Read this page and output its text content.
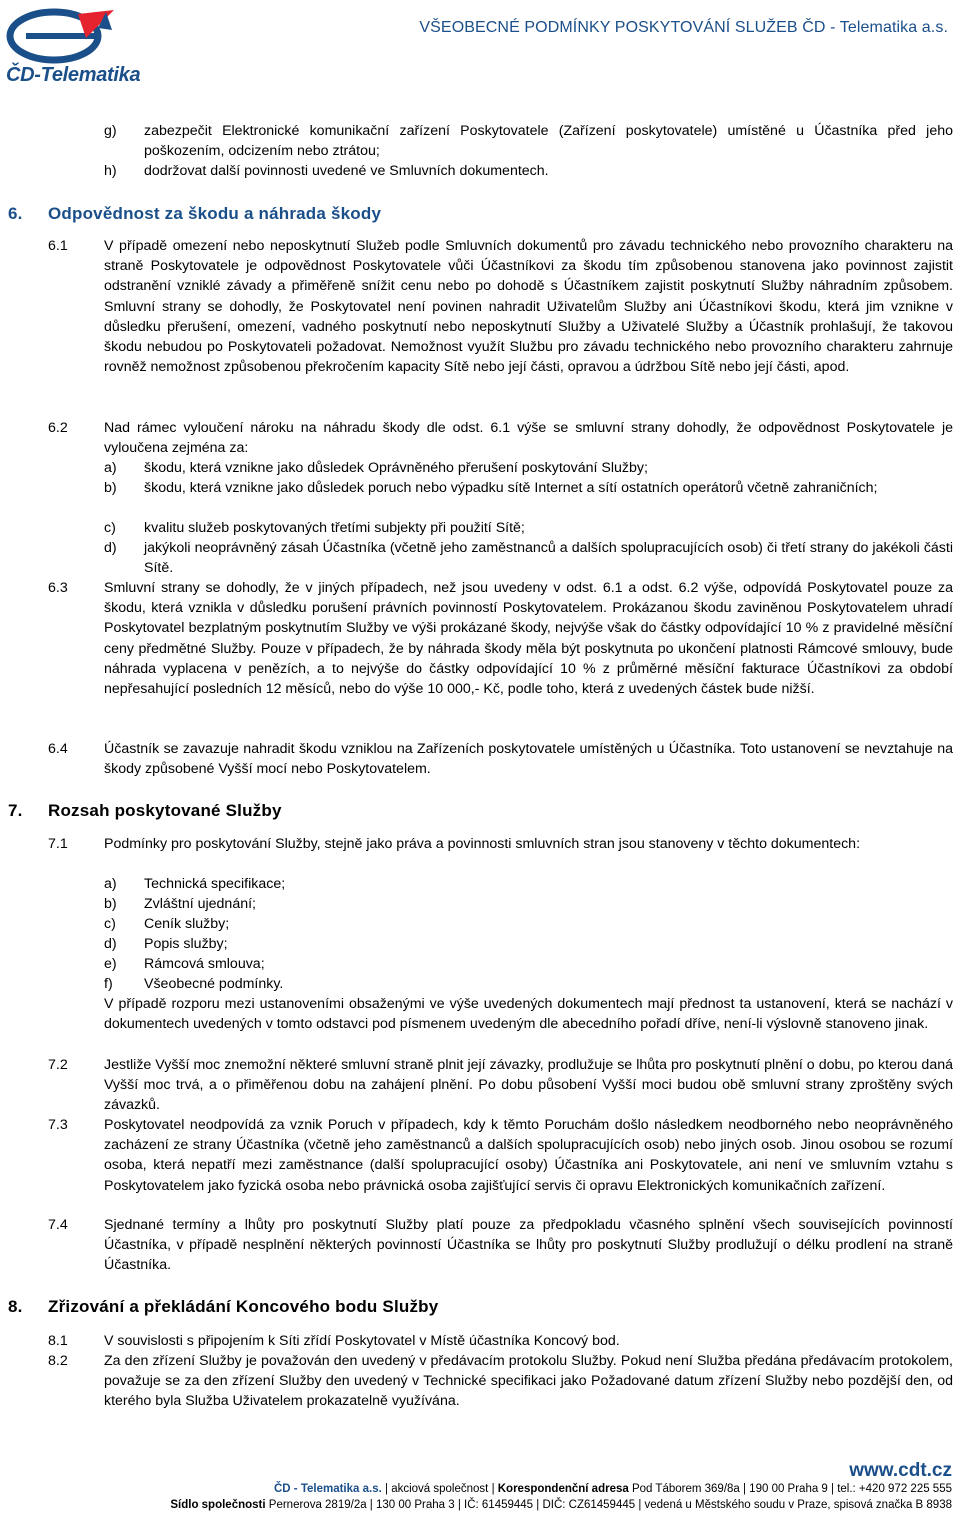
ČD-Telematika
VŠEOBECNÉ PODMÍNKY POSKYTOVÁNÍ SLUŽEB ČD - Telematika a.s.
g) zabezpečit Elektronické komunikační zařízení Poskytovatele (Zařízení poskytovatele) umístěné u Účastníka před jeho poškozením, odcizením nebo ztrátou;
h) dodržovat další povinnosti uvedené ve Smluvních dokumentech.
6. Odpovědnost za škodu a náhrada škody
6.1	V případě omezení nebo neposkytnutí Služeb podle Smluvních dokumentů pro závadu technického nebo provozního charakteru na straně Poskytovatele je odpovědnost Poskytovatele vůči Účastníkovi za škodu tím způsobenou stanovena jako povinnost zajistit odstranění vzniklé závady a přiměřeně snížit cenu nebo po dohodě s Účastníkem zajistit poskytnutí Služby náhradním způsobem. Smluvní strany se dohodly, že Poskytovatel není povinen nahradit Uživatelům Služby ani Účastníkovi škodu, která jim vznikne v důsledku přerušení, omezení, vadného poskytnutí nebo neposkytnutí Služby a Uživatelé Služby a Účastník prohlašují, že takovou škodu nebudou po Poskytovateli požadovat. Nemožnost využít Službu pro závadu technického nebo provozního charakteru zahrnuje rovněž nemožnost způsobenou překročením kapacity Sítě nebo její části, opravou a údržbou Sítě nebo její části, apod.
6.2	Nad rámec vyloučení nároku na náhradu škody dle odst. 6.1 výše se smluvní strany dohodly, že odpovědnost Poskytovatele je vyloučena zejména za:
a) škodu, která vznikne jako důsledek Oprávněného přerušení poskytování Služby;
b) škodu, která vznikne jako důsledek poruch nebo výpadku sítě Internet a sítí ostatních operátorů včetně zahraničních;
c) kvalitu služeb poskytovaných třetími subjekty při použití Sítě;
d) jakýkoli neoprávněný zásah Účastníka (včetně jeho zaměstnanců a dalších spolupracujících osob) či třetí strany do jakékoli části Sítě.
6.3	Smluvní strany se dohodly, že v jiných případech, než jsou uvedeny v odst. 6.1 a odst. 6.2 výše, odpovídá Poskytovatel pouze za škodu, která vznikla v důsledku porušení právních povinností Poskytovatelem. Prokázanou škodu zaviněnou Poskytovatelem uhradí Poskytovatel bezplatným poskytnutím Služby ve výši prokázané škody, nejvýše však do částky odpovídající 10 % z pravidelné měsíční ceny předmětné Služby. Pouze v případech, že by náhrada škody měla být poskytnuta po ukončení platnosti Rámcové smlouvy, bude náhrada vyplacena v penězích, a to nejvýše do částky odpovídající 10 % z průměrné měsíční fakturace Účastníkovi za období nepřesahující posledních 12 měsíců, nebo do výše 10 000,- Kč, podle toho, která z uvedených částek bude nižší.
6.4	Účastník se zavazuje nahradit škodu vzniklou na Zařízeních poskytovatele umístěných u Účastníka. Toto ustanovení se nevztahuje na škody způsobené Vyšší mocí nebo Poskytovatelem.
7. Rozsah poskytované Služby
7.1	Podmínky pro poskytování Služby, stejně jako práva a povinnosti smluvních stran jsou stanoveny v těchto dokumentech:
a) Technická specifikace;
b) Zvláštní ujednání;
c) Ceník služby;
d) Popis služby;
e) Rámcová smlouva;
f) Všeobecné podmínky.
V případě rozporu mezi ustanoveními obsaženými ve výše uvedených dokumentech mají přednost ta ustanovení, která se nachází v dokumentech uvedených v tomto odstavci pod písmenem uvedeným dle abecedního pořadí dříve, není-li výslovně stanoveno jinak.
7.2	Jestliže Vyšší moc znemožní některé smluvní straně plnit její závazky, prodlužuje se lhůta pro poskytnutí plnění o dobu, po kterou daná Vyšší moc trvá, a o přiměřenou dobu na zahájení plnění. Po dobu působení Vyšší moci budou obě smluvní strany zproštěny svých závazků.
7.3	Poskytovatel neodpovídá za vznik Poruch v případech, kdy k těmto Poruchám došlo následkem neodborného nebo neoprávněného zacházení ze strany Účastníka (včetně jeho zaměstnanců a dalších spolupracujících osob) nebo jiných osob. Jinou osobou se rozumí osoba, která nepatří mezi zaměstnance (další spolupracující osoby) Účastníka ani Poskytovatele, ani není ve smluvním vztahu s Poskytovatelem jako fyzická osoba nebo právnická osoba zajišťující servis či opravu Elektronických komunikačních zařízení.
7.4	Sjednané termíny a lhůty pro poskytnutí Služby platí pouze za předpokladu včasného splnění všech souvisejících povinností Účastníka, v případě nesplnění některých povinností Účastníka se lhůty pro poskytnutí Služby prodlužují o délku prodlení na straně Účastníka.
8. Zřizování a překládání Koncového bodu Služby
8.1	V souvislosti s připojením k Síti zřídí Poskytovatel v Místě účastníka Koncový bod.
8.2	Za den zřízení Služby je považován den uvedený v předávacím protokolu Služby. Pokud není Služba předána předávacím protokolem, považuje se za den zřízení Služby den uvedený v Technické specifikaci jako Požadované datum zřízení Služby nebo pozdější den, od kterého byla Služba Uživatelem prokazatelně využívána.
www.cdt.cz
ČD - Telematika a.s. | akciová společnost | Korespondenční adresa Pod Táborem 369/8a | 190 00 Praha 9 | tel.: +420 972 225 555
Sídlo společnosti Pernerova 2819/2a | 130 00 Praha 3 | IČ: 61459445 | DIČ: CZ61459445 | vedená u Městského soudu v Praze, spisová značka B 8938
